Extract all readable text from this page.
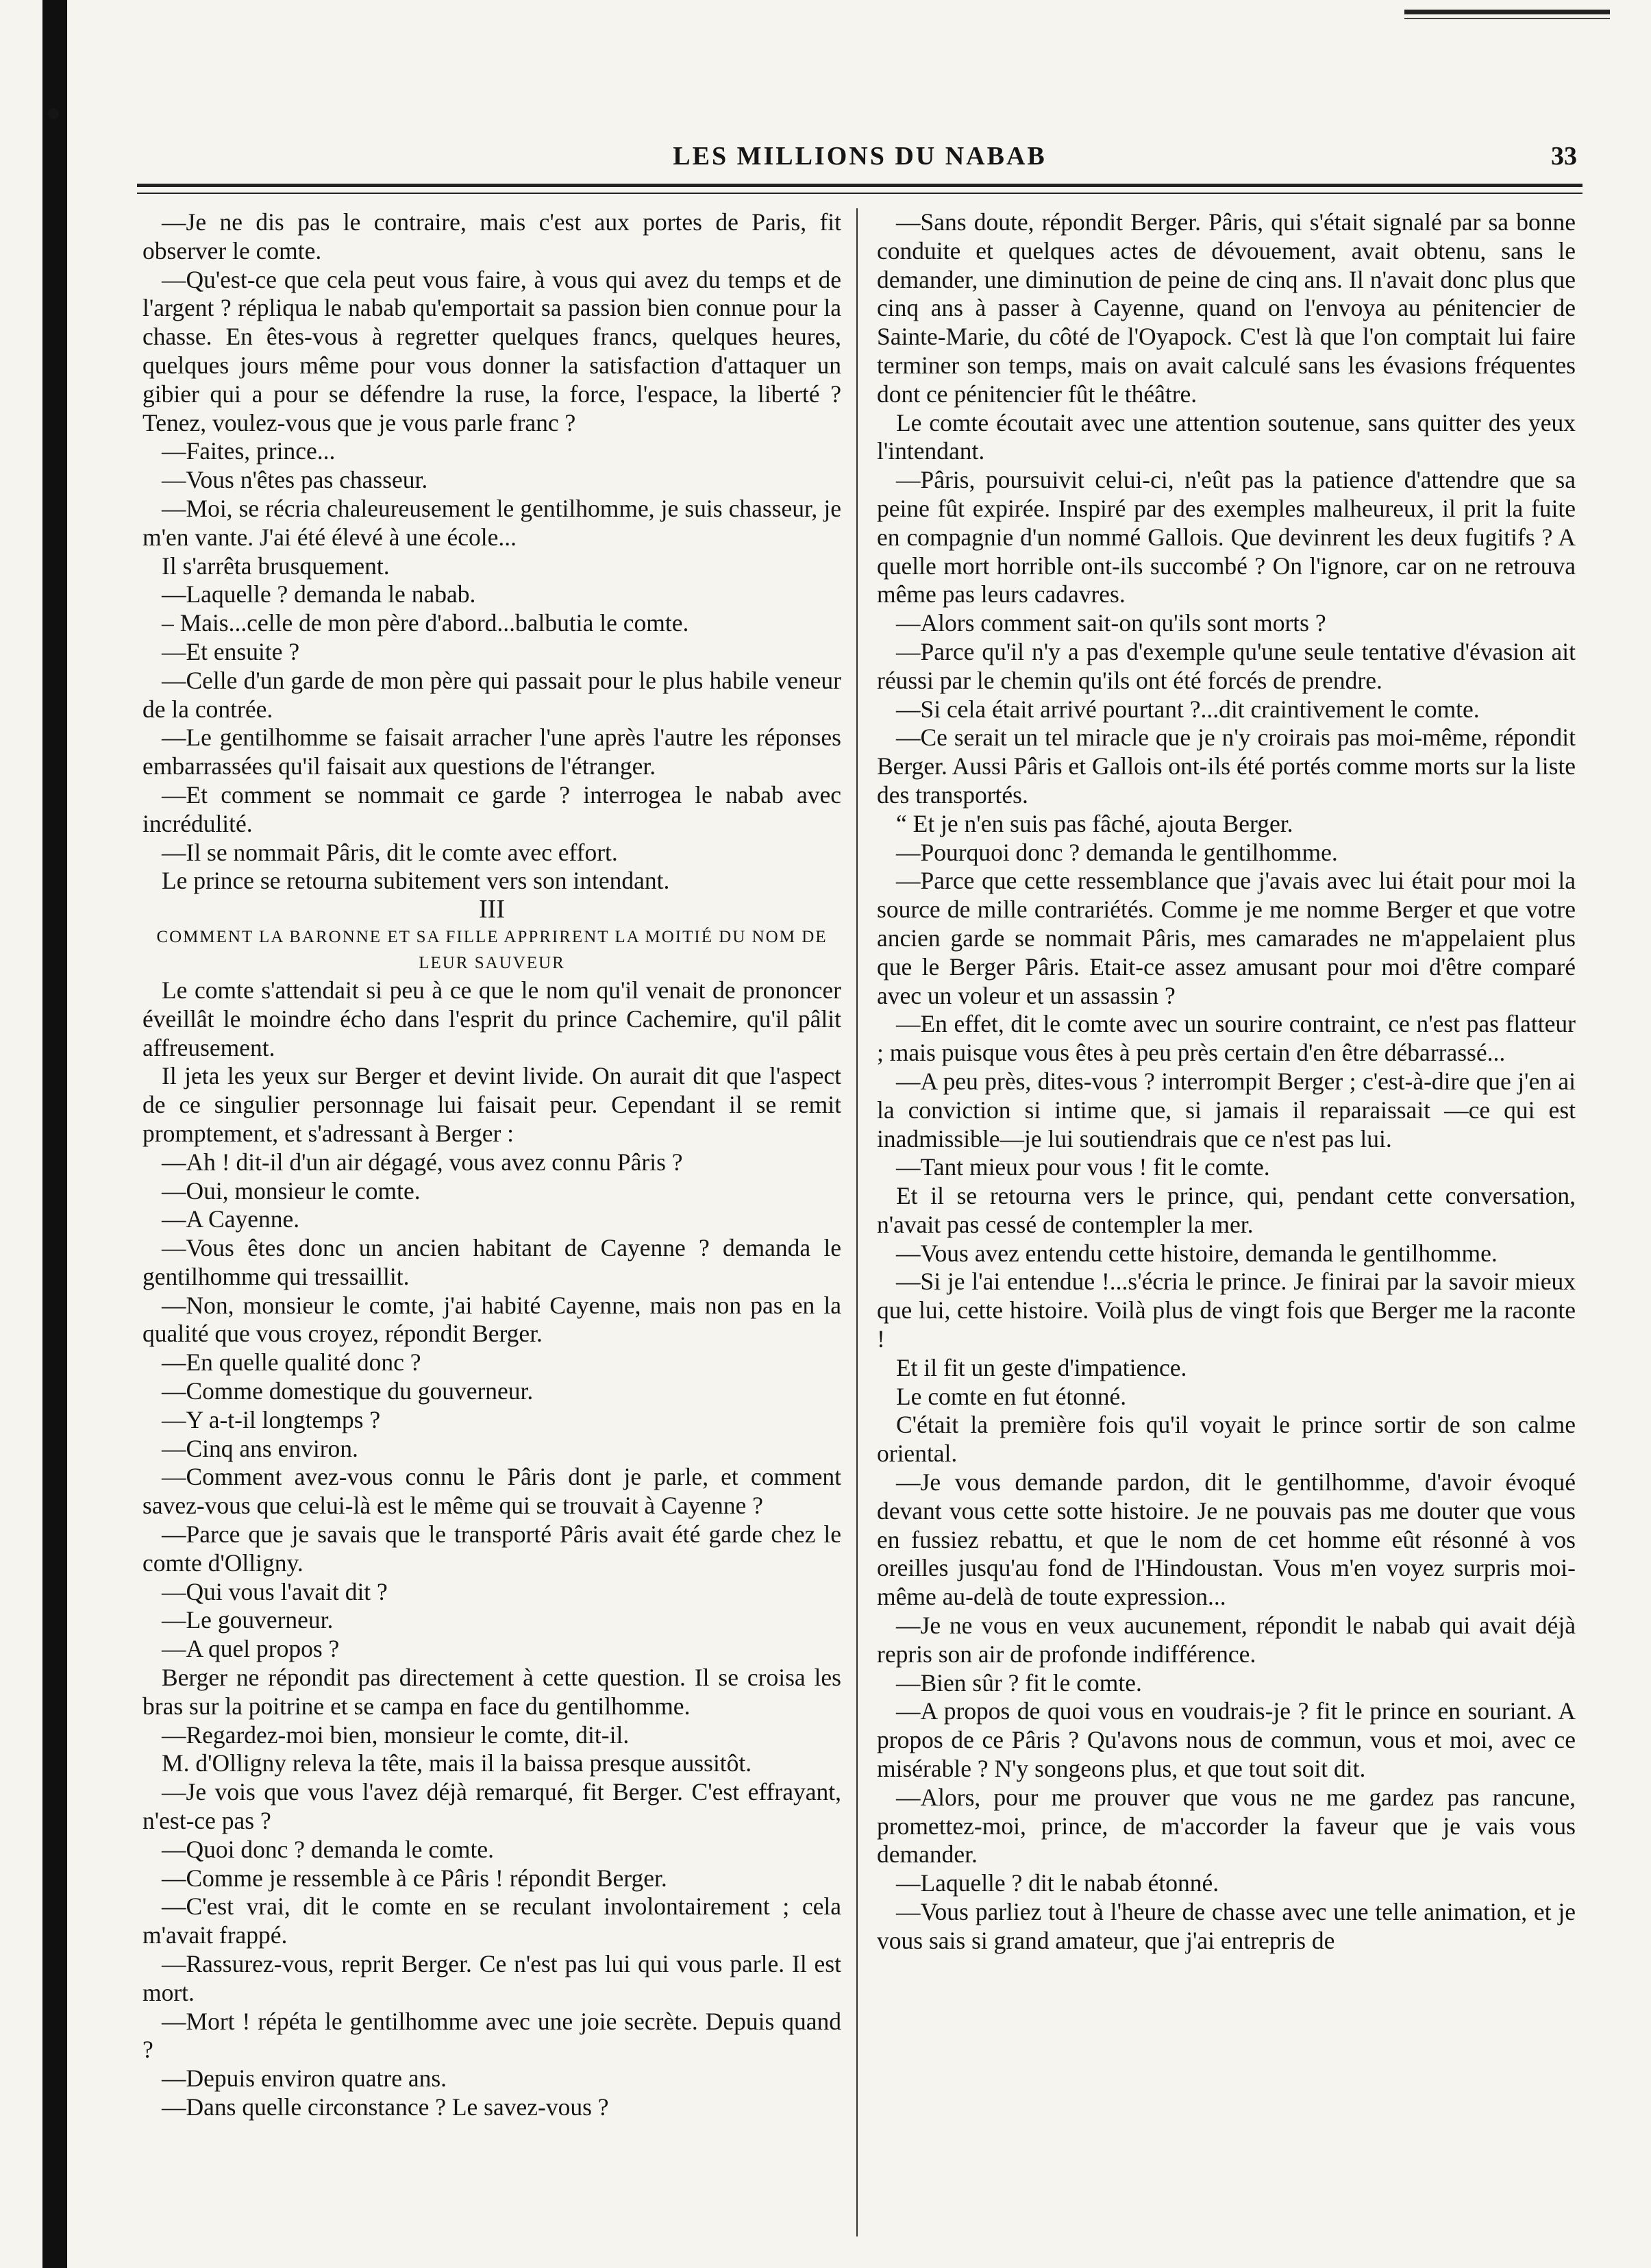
LES MILLIONS DU NABAB	33

—Je ne dis pas le contraire, mais c'est aux portes de Paris, fit observer le comte.

—Qu'est-ce que cela peut vous faire, à vous qui avez du temps et de l'argent ? répliqua le nabab qu'emportait sa passion bien connue pour la chasse. En êtes-vous à regretter quelques francs, quelques heures, quelques jours même pour vous donner la satisfaction d'attaquer un gibier qui a pour se défendre la ruse, la force, l'espace, la liberté ? Tenez, voulez-vous que je vous parle franc ?

—Faites, prince...

—Vous n'êtes pas chasseur.

—Moi, se récria chaleureusement le gentilhomme, je suis chasseur, je m'en vante. J'ai été élevé à une école...

Il s'arrêta brusquement.

—Laquelle ? demanda le nabab.

– Mais...celle de mon père d'abord...balbutia le comte.

—Et ensuite ?

—Celle d'un garde de mon père qui passait pour le plus habile veneur de la contrée.

—Le gentilhomme se faisait arracher l'une après l'autre les réponses embarrassées qu'il faisait aux questions de l'étranger.

—Et comment se nommait ce garde ? interrogea le nabab avec incrédulité.

—Il se nommait Pâris, dit le comte avec effort.

Le prince se retourna subitement vers son intendant.

III

COMMENT LA BARONNE ET SA FILLE APPRIRENT LA MOITIÉ DU NOM DE LEUR SAUVEUR

Le comte s'attendait si peu à ce que le nom qu'il venait de prononcer éveillât le moindre écho dans l'esprit du prince Cachemire, qu'il pâlit affreusement.

Il jeta les yeux sur Berger et devint livide. On aurait dit que l'aspect de ce singulier personnage lui faisait peur. Cependant il se remit promptement, et s'adressant à Berger :

—Ah ! dit-il d'un air dégagé, vous avez connu Pâris ?

—Oui, monsieur le comte.

—A Cayenne.

—Vous êtes donc un ancien habitant de Cayenne ? demanda le gentilhomme qui tressaillit.

—Non, monsieur le comte, j'ai habité Cayenne, mais non pas en la qualité que vous croyez, répondit Berger.

—En quelle qualité donc ?

—Comme domestique du gouverneur.

—Y a-t-il longtemps ?

—Cinq ans environ.

—Comment avez-vous connu le Pâris dont je parle, et comment savez-vous que celui-là est le même qui se trouvait à Cayenne ?

—Parce que je savais que le transporté Pâris avait été garde chez le comte d'Olligny.

—Qui vous l'avait dit ?

—Le gouverneur.

—A quel propos ?

Berger ne répondit pas directement à cette question. Il se croisa les bras sur la poitrine et se campa en face du gentilhomme.

—Regardez-moi bien, monsieur le comte, dit-il.

M. d'Olligny releva la tête, mais il la baissa presque aussitôt.

—Je vois que vous l'avez déjà remarqué, fit Berger. C'est effrayant, n'est-ce pas ?

—Quoi donc ? demanda le comte.

—Comme je ressemble à ce Pâris ! répondit Berger.

—C'est vrai, dit le comte en se reculant involontairement ; cela m'avait frappé.

—Rassurez-vous, reprit Berger. Ce n'est pas lui qui vous parle. Il est mort.

—Mort ! répéta le gentilhomme avec une joie secrète. Depuis quand ?

—Depuis environ quatre ans.

—Dans quelle circonstance ? Le savez-vous ?

—Sans doute, répondit Berger. Pâris, qui s'était signalé par sa bonne conduite et quelques actes de dévouement, avait obtenu, sans le demander, une diminution de peine de cinq ans. Il n'avait donc plus que cinq ans à passer à Cayenne, quand on l'envoya au pénitencier de Sainte-Marie, du côté de l'Oyapock. C'est là que l'on comptait lui faire terminer son temps, mais on avait calculé sans les évasions fréquentes dont ce pénitencier fût le théâtre.

Le comte écoutait avec une attention soutenue, sans quitter des yeux l'intendant.

—Pâris, poursuivit celui-ci, n'eût pas la patience d'attendre que sa peine fût expirée. Inspiré par des exemples malheureux, il prit la fuite en compagnie d'un nommé Gallois. Que devinrent les deux fugitifs ? A quelle mort horrible ont-ils succombé ? On l'ignore, car on ne retrouva même pas leurs cadavres.

—Alors comment sait-on qu'ils sont morts ?

—Parce qu'il n'y a pas d'exemple qu'une seule tentative d'évasion ait réussi par le chemin qu'ils ont été forcés de prendre.

—Si cela était arrivé pourtant ?...dit craintivement le comte.

—Ce serait un tel miracle que je n'y croirais pas moi-même, répondit Berger. Aussi Pâris et Gallois ont-ils été portés comme morts sur la liste des transportés.

“ Et je n'en suis pas fâché, ajouta Berger.

—Pourquoi donc ? demanda le gentilhomme.

—Parce que cette ressemblance que j'avais avec lui était pour moi la source de mille contrariétés. Comme je me nomme Berger et que votre ancien garde se nommait Pâris, mes camarades ne m'appelaient plus que le Berger Pâris. Etait-ce assez amusant pour moi d'être comparé avec un voleur et un assassin ?

—En effet, dit le comte avec un sourire contraint, ce n'est pas flatteur ; mais puisque vous êtes à peu près certain d'en être débarrassé...

—A peu près, dites-vous ? interrompit Berger ; c'est-à-dire que j'en ai la conviction si intime que, si jamais il reparaissait —ce qui est inadmissible—je lui soutiendrais que ce n'est pas lui.

—Tant mieux pour vous ! fit le comte.

Et il se retourna vers le prince, qui, pendant cette conversation, n'avait pas cessé de contempler la mer.

—Vous avez entendu cette histoire, demanda le gentilhomme.

—Si je l'ai entendue !...s'écria le prince. Je finirai par la savoir mieux que lui, cette histoire. Voilà plus de vingt fois que Berger me la raconte !

Et il fit un geste d'impatience.

Le comte en fut étonné.

C'était la première fois qu'il voyait le prince sortir de son calme oriental.

—Je vous demande pardon, dit le gentilhomme, d'avoir évoqué devant vous cette sotte histoire. Je ne pouvais pas me douter que vous en fussiez rebattu, et que le nom de cet homme eût résonné à vos oreilles jusqu'au fond de l'Hindoustan. Vous m'en voyez surpris moi-même au-delà de toute expression...

—Je ne vous en veux aucunement, répondit le nabab qui avait déjà repris son air de profonde indifférence.

—Bien sûr ? fit le comte.

—A propos de quoi vous en voudrais-je ? fit le prince en souriant. A propos de ce Pâris ? Qu'avons nous de commun, vous et moi, avec ce misérable ? N'y songeons plus, et que tout soit dit.

—Alors, pour me prouver que vous ne me gardez pas rancune, promettez-moi, prince, de m'accorder la faveur que je vais vous demander.

—Laquelle ? dit le nabab étonné.

—Vous parliez tout à l'heure de chasse avec une telle animation, et je vous sais si grand amateur, que j'ai entrepris de
